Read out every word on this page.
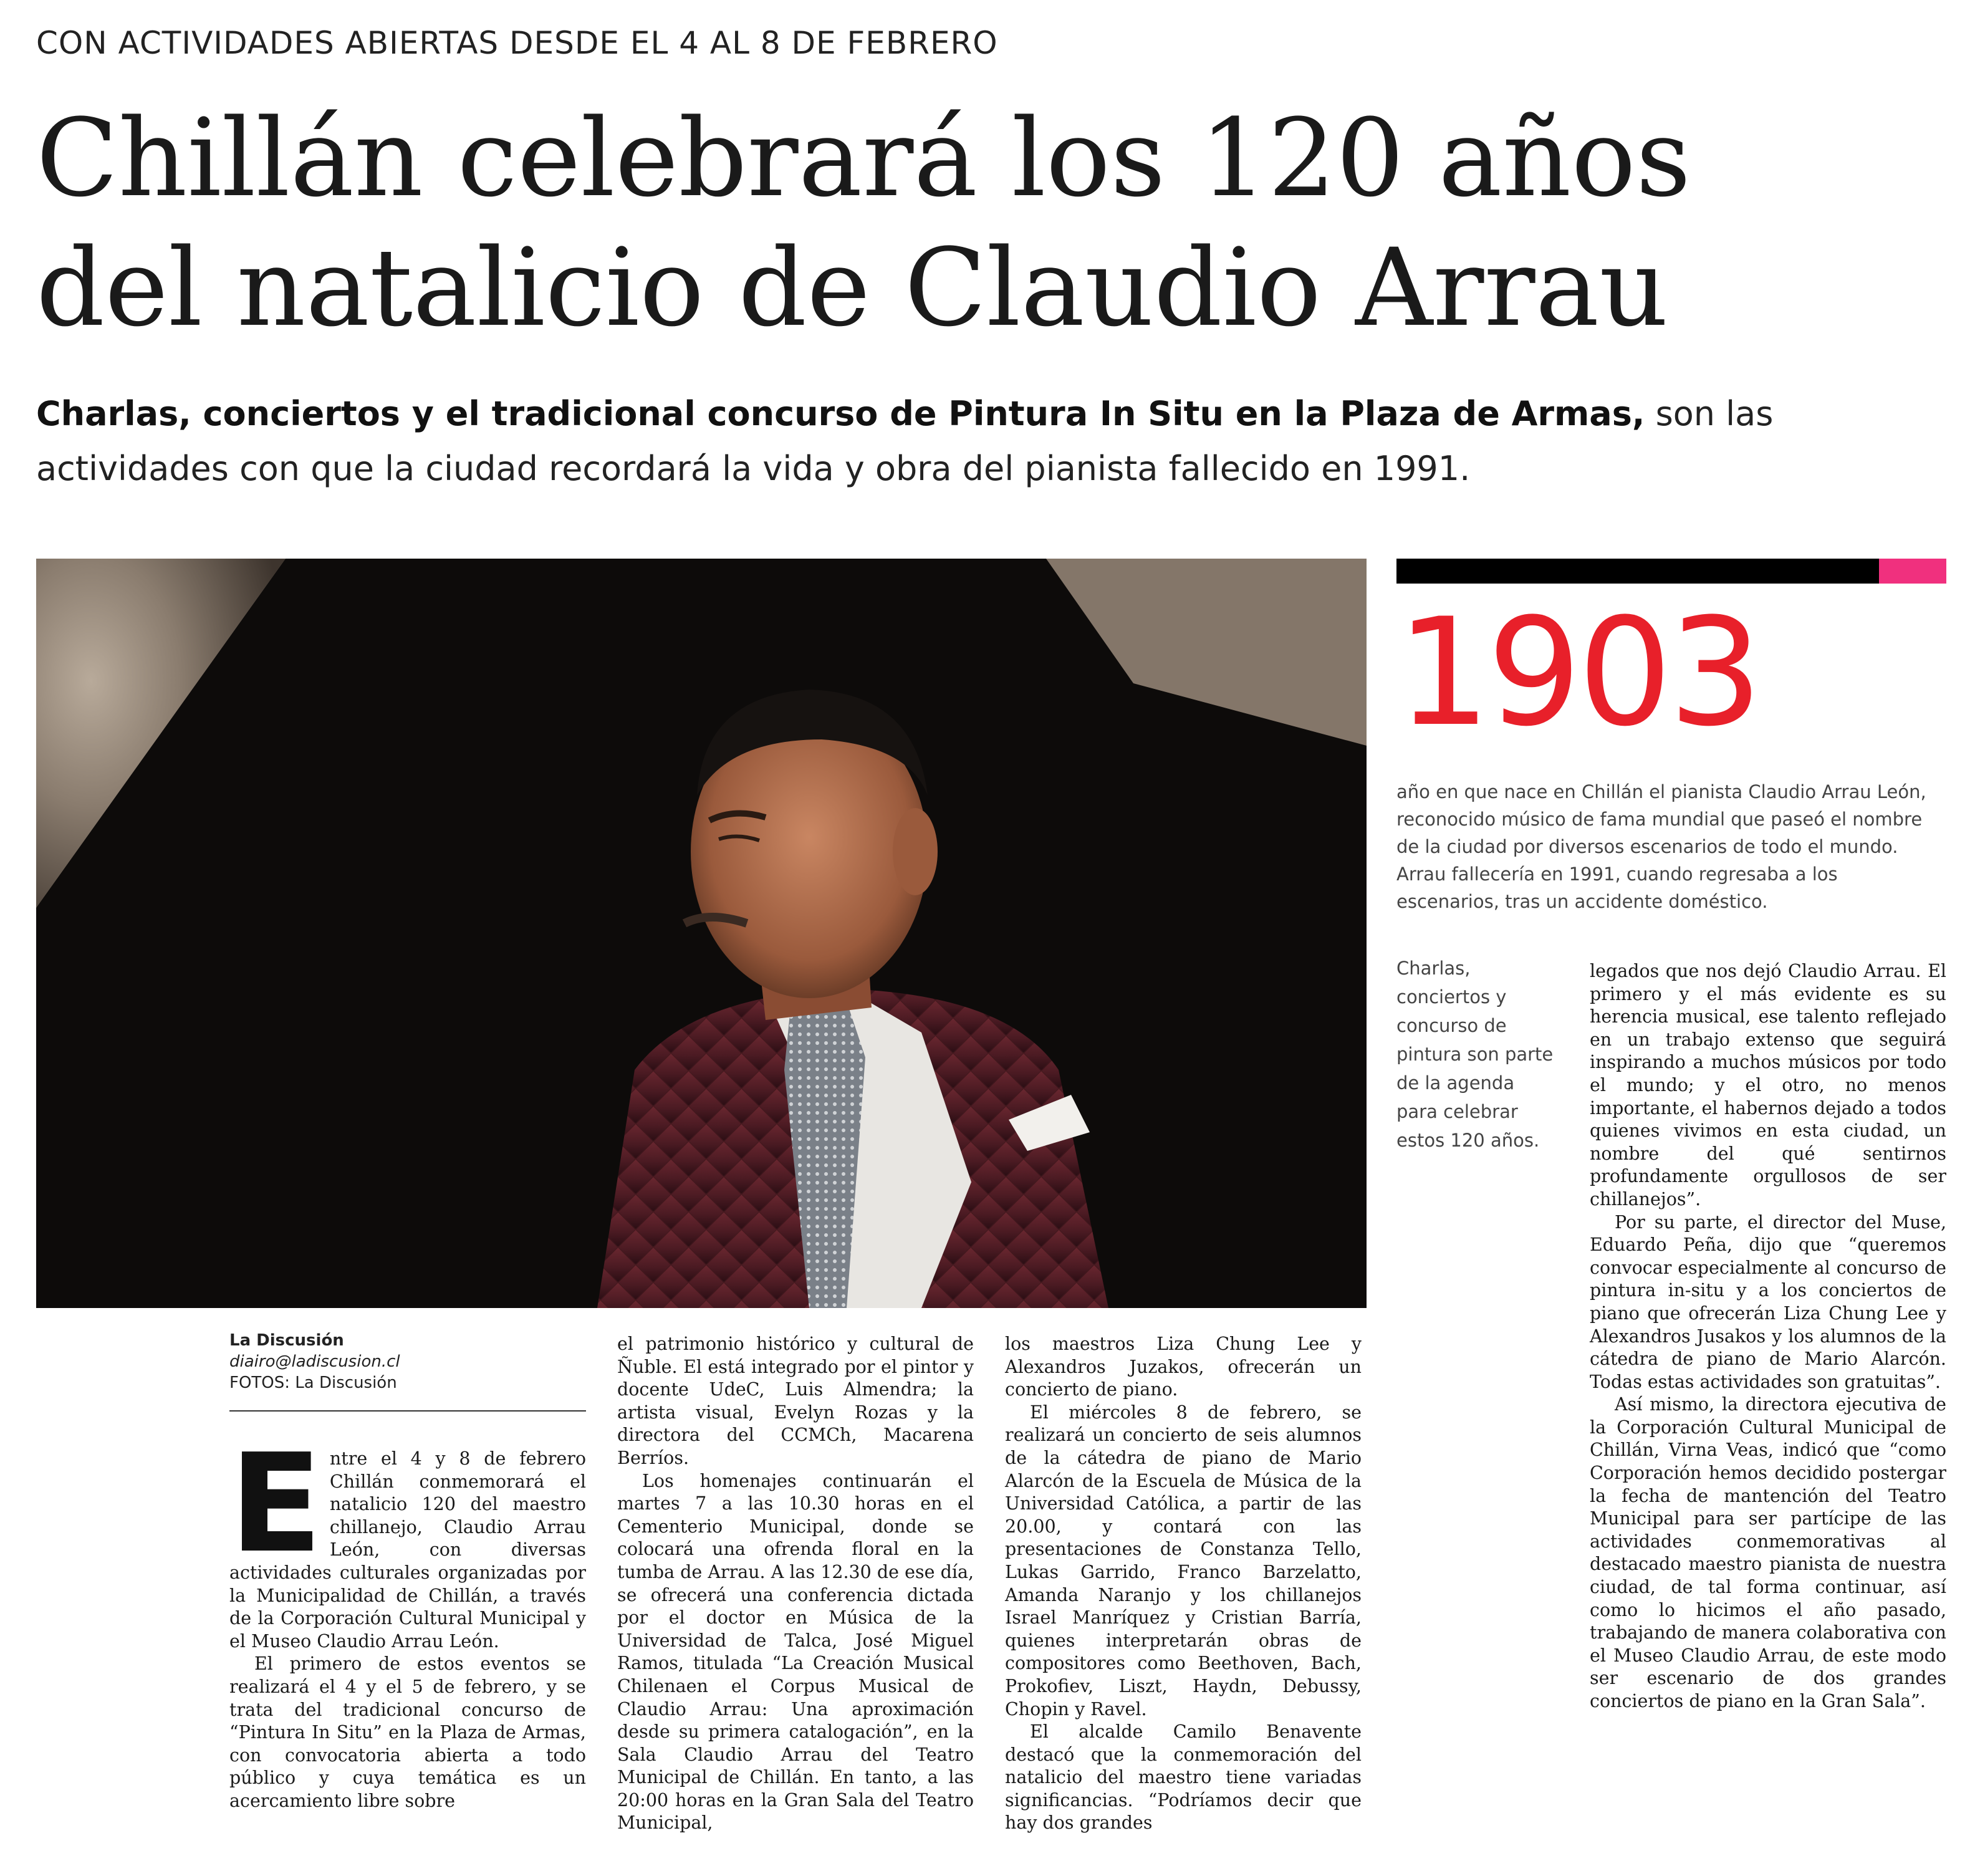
CON ACTIVIDADES ABIERTAS DESDE EL 4 AL 8 DE FEBRERO
Chillán celebrará los 120 años
del natalicio de Claudio Arrau
Charlas, conciertos y el tradicional concurso de Pintura In Situ en la Plaza de Armas, son las actividades con que la ciudad recordará la vida y obra del pianista fallecido en 1991.
1903
año en que nace en Chillán el pianista Claudio Arrau León, reconocido músico de fama mundial que paseó el nombre de la ciudad por diversos escenarios de todo el mundo. Arrau fallecería en 1991, cuando regresaba a los escenarios, tras un accidente doméstico.
Charlas, conciertos y concurso de pintura son parte de la agenda para celebrar estos 120 años.
La Discusión
diairo@ladiscusion.cl
FOTOS: La Discusión

Entre el 4 y 8 de febrero Chillán conmemorará el natalicio 120 del maestro chillanejo, Claudio Arrau León, con diversas actividades culturales organizadas por la Municipalidad de Chillán, a través de la Corporación Cultural Municipal y el Museo Claudio Arrau León.

El primero de estos eventos se realizará el 4 y el 5 de febrero, y se trata del tradicional concurso de “Pintura In Situ” en la Plaza de Armas, con convocatoria abierta a todo público y cuya temática es un acercamiento libre sobre

el patrimonio histórico y cultural de Ñuble. El está integrado por el pintor y docente UdeC, Luis Almendra; la artista visual, Evelyn Rozas y la directora del CCMCh, Macarena Berríos.

Los homenajes continuarán el martes 7 a las 10.30 horas en el Cementerio Municipal, donde se colocará una ofrenda floral en la tumba de Arrau. A las 12.30 de ese día, se ofrecerá una conferencia dictada por el doctor en Música de la Universidad de Talca, José Miguel Ramos, titulada “La Creación Musical Chilenaen el Corpus Musical de Claudio Arrau: Una aproximación desde su primera catalogación”, en la Sala Claudio Arrau del Teatro Municipal de Chillán. En tanto, a las 20:00 horas en la Gran Sala del Teatro Municipal,

los maestros Liza Chung Lee y Alexandros Juzakos, ofrecerán un concierto de piano.

El miércoles 8 de febrero, se realizará un concierto de seis alumnos de la cátedra de piano de Mario Alarcón de la Escuela de Música de la Universidad Católica, a partir de las 20.00, y contará con las presentaciones de Constanza Tello, Lukas Garrido, Franco Barzelatto, Amanda Naranjo y los chillanejos Israel Manríquez y Cristian Barría, quienes interpretarán obras de compositores como Beethoven, Bach, Prokofiev, Liszt, Haydn, Debussy, Chopin y Ravel.

El alcalde Camilo Benavente destacó que la conmemoración del natalicio del maestro tiene variadas significancias. “Podríamos decir que hay dos grandes

legados que nos dejó Claudio Arrau. El primero y el más evidente es su herencia musical, ese talento reflejado en un trabajo extenso que seguirá inspirando a muchos músicos por todo el mundo; y el otro, no menos importante, el habernos dejado a todos quienes vivimos en esta ciudad, un nombre del qué sentirnos profundamente orgullosos de ser chillanejos”.

Por su parte, el director del Muse, Eduardo Peña, dijo que “queremos convocar especialmente al concurso de pintura in-situ y a los conciertos de piano que ofrecerán Liza Chung Lee y Alexandros Jusakos y los alumnos de la cátedra de piano de Mario Alarcón. Todas estas actividades son gratuitas”.

Así mismo, la directora ejecutiva de la Corporación Cultural Municipal de Chillán, Virna Veas, indicó que “como Corporación hemos decidido postergar la fecha de mantención del Teatro Municipal para ser partícipe de las actividades conmemorativas al destacado maestro pianista de nuestra ciudad, de tal forma continuar, así como lo hicimos el año pasado, trabajando de manera colaborativa con el Museo Claudio Arrau, de este modo ser escenario de dos grandes conciertos de piano en la Gran Sala”.
